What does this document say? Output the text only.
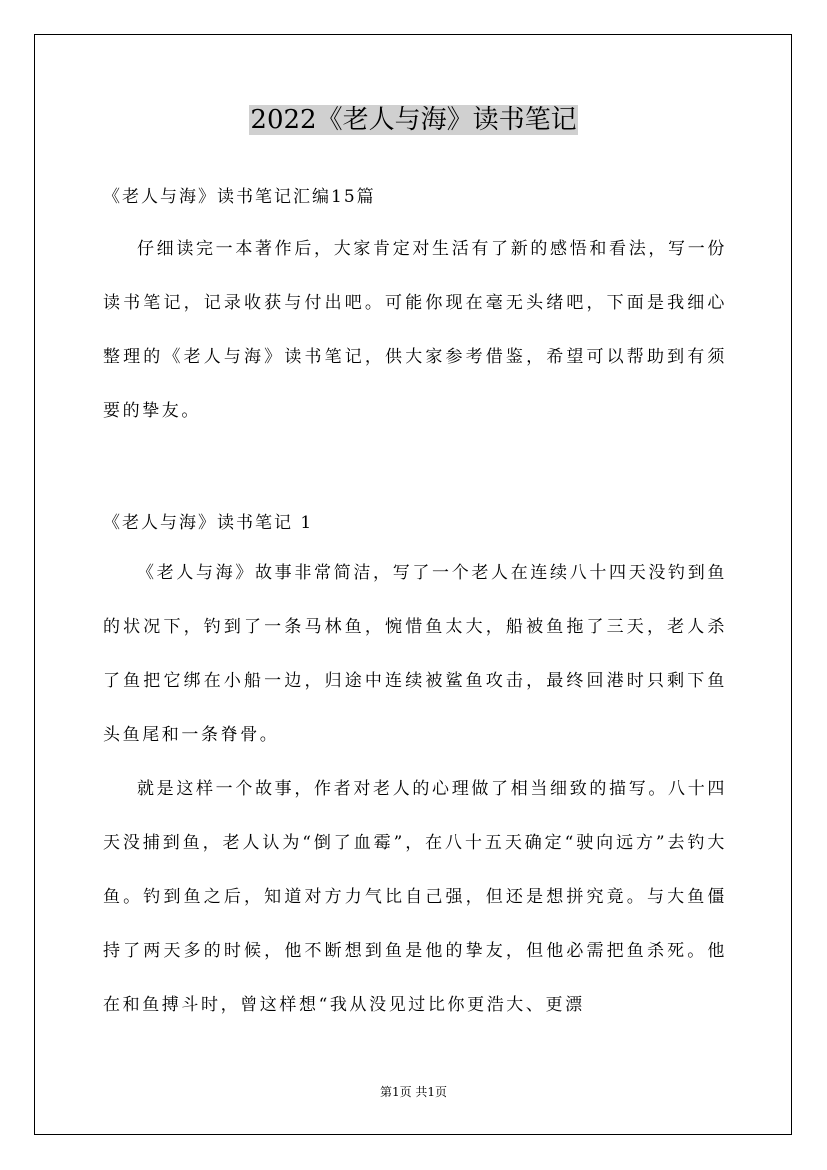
2022《老人与海》读书笔记
《老人与海》读书笔记汇编15篇
仔细读完一本著作后，大家肯定对生活有了新的感悟和看法，写一份读书笔记，记录收获与付出吧。可能你现在毫无头绪吧，下面是我细心整理的《老人与海》读书笔记，供大家参考借鉴，希望可以帮助到有须要的挚友。
《老人与海》读书笔记 1
《老人与海》故事非常简洁，写了一个老人在连续八十四天没钓到鱼的状况下，钓到了一条马林鱼，惋惜鱼太大，船被鱼拖了三天，老人杀了鱼把它绑在小船一边，归途中连续被鲨鱼攻击，最终回港时只剩下鱼头鱼尾和一条脊骨。
就是这样一个故事，作者对老人的心理做了相当细致的描写。八十四天没捕到鱼，老人认为“倒了血霉”，在八十五天确定“驶向远方”去钓大鱼。钓到鱼之后，知道对方力气比自己强，但还是想拼究竟。与大鱼僵持了两天多的时候，他不断想到鱼是他的挚友，但他必需把鱼杀死。他在和鱼搏斗时，曾这样想“我从没见过比你更浩大、更漂
第1页 共1页
